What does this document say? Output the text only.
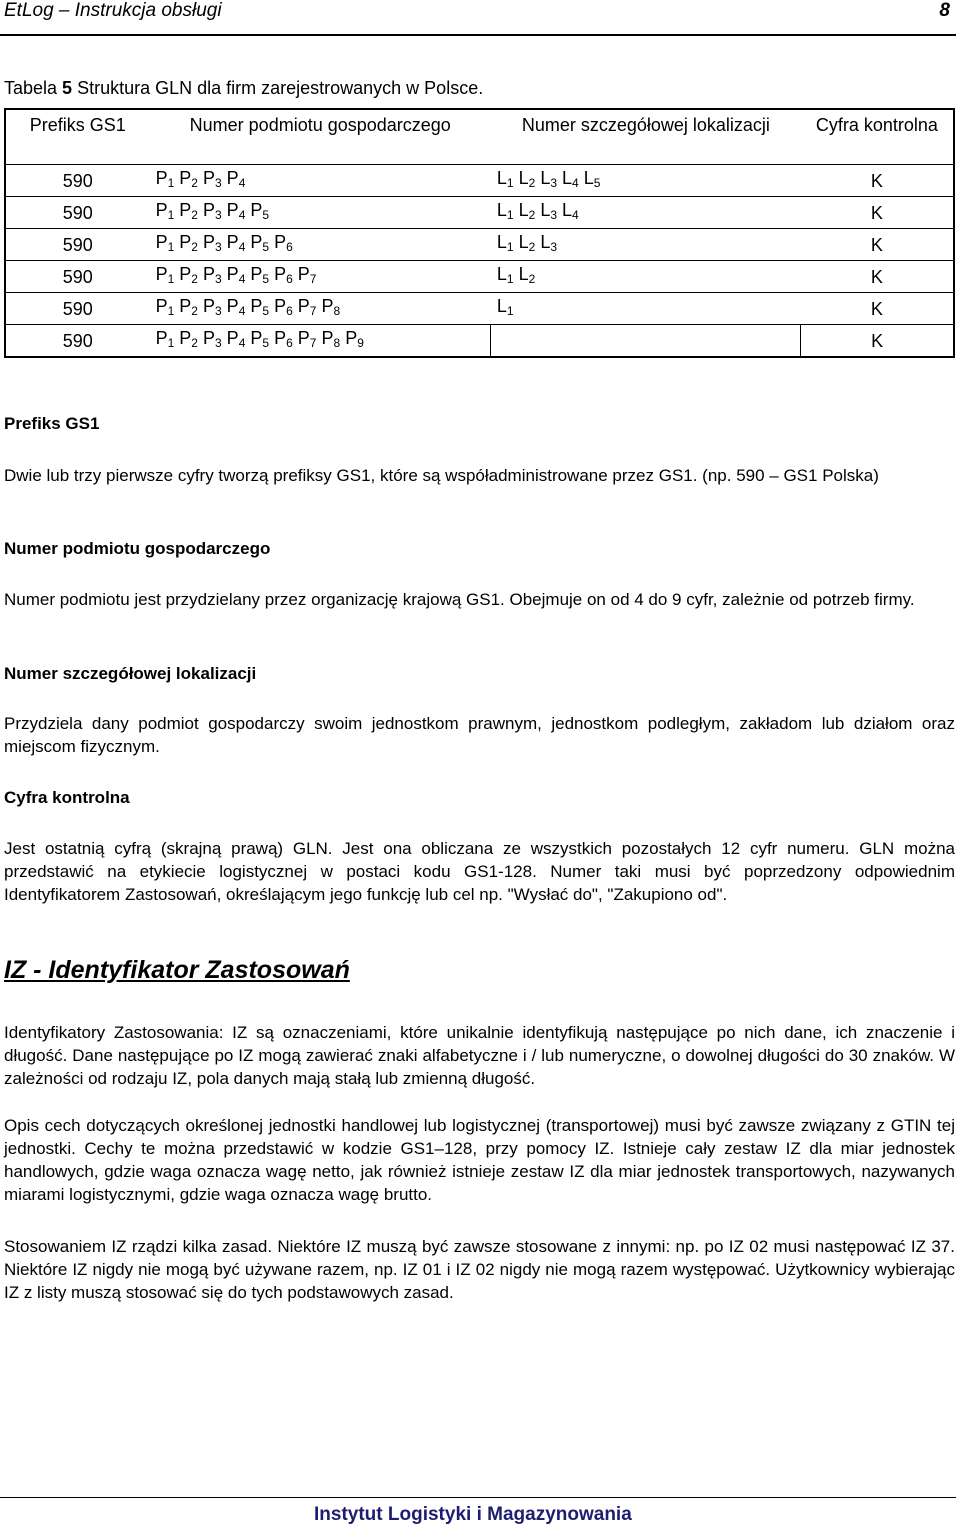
EtLog – Instrukcja obsługi	8
Tabela 5 Struktura GLN dla firm zarejestrowanych w Polsce.
Prefiks GS1	Numer podmiotu gospodarczego	Numer szczegółowej lokalizacji	Cyfra kontrolna
590	$P_1$ $P_2$ $P_3$ $P_4$	$L_1$ $L_2$ $L_3$ $L_4$ $L_5$	K
590	$P_1$ $P_2$ $P_3$ $P_4$ $P_5$	$L_1$ $L_2$ $L_3$ $L_4$	K
590	$P_1$ $P_2$ $P_3$ $P_4$ $P_5$ $P_6$	$L_1$ $L_2$ $L_3$	K
590	$P_1$ $P_2$ $P_3$ $P_4$ $P_5$ $P_6$ $P_7$	$L_1$ $L_2$	K
590	$P_1$ $P_2$ $P_3$ $P_4$ $P_5$ $P_6$ $P_7$ $P_8$	$L_1$	K
590	$P_1$ $P_2$ $P_3$ $P_4$ $P_5$ $P_6$ $P_7$ $P_8$ $P_9$		K
Prefiks GS1
Dwie lub trzy pierwsze cyfry tworzą prefiksy GS1, które są współadministrowane przez GS1. (np. 590 – GS1 Polska)
Numer podmiotu gospodarczego
Numer podmiotu jest przydzielany przez organizację krajową GS1. Obejmuje on od 4 do 9 cyfr, zależnie od potrzeb firmy.
Numer szczegółowej lokalizacji
Przydziela dany podmiot gospodarczy swoim jednostkom prawnym, jednostkom podległym, zakładom lub działom oraz miejscom fizycznym.
Cyfra kontrolna
Jest ostatnią cyfrą (skrajną prawą) GLN. Jest ona obliczana ze wszystkich pozostałych 12 cyfr numeru. GLN można przedstawić na etykiecie logistycznej w postaci kodu GS1-128. Numer taki musi być poprzedzony odpowiednim Identyfikatorem Zastosowań, określającym jego funkcję lub cel np. "Wysłać do", "Zakupiono od".
IZ - Identyfikator Zastosowań
Identyfikatory Zastosowania: IZ są oznaczeniami, które unikalnie identyfikują następujące po nich dane, ich znaczenie i długość. Dane następujące po IZ mogą zawierać znaki alfabetyczne i / lub numeryczne, o dowolnej długości do 30 znaków. W zależności od rodzaju IZ, pola danych mają stałą lub zmienną długość.
Opis cech dotyczących określonej jednostki handlowej lub logistycznej (transportowej) musi być zawsze związany z GTIN tej jednostki. Cechy te można przedstawić w kodzie GS1–128, przy pomocy IZ. Istnieje cały zestaw IZ dla miar jednostek handlowych, gdzie waga oznacza wagę netto, jak również istnieje zestaw IZ dla miar jednostek transportowych, nazywanych miarami logistycznymi, gdzie waga oznacza wagę brutto.
Stosowaniem IZ rządzi kilka zasad. Niektóre IZ muszą być zawsze stosowane z innymi: np. po IZ 02 musi następować IZ 37. Niektóre IZ nigdy nie mogą być używane razem, np. IZ 01 i IZ 02 nigdy nie mogą razem występować. Użytkownicy wybierając IZ z listy muszą stosować się do tych podstawowych zasad.
Instytut Logistyki i Magazynowania
